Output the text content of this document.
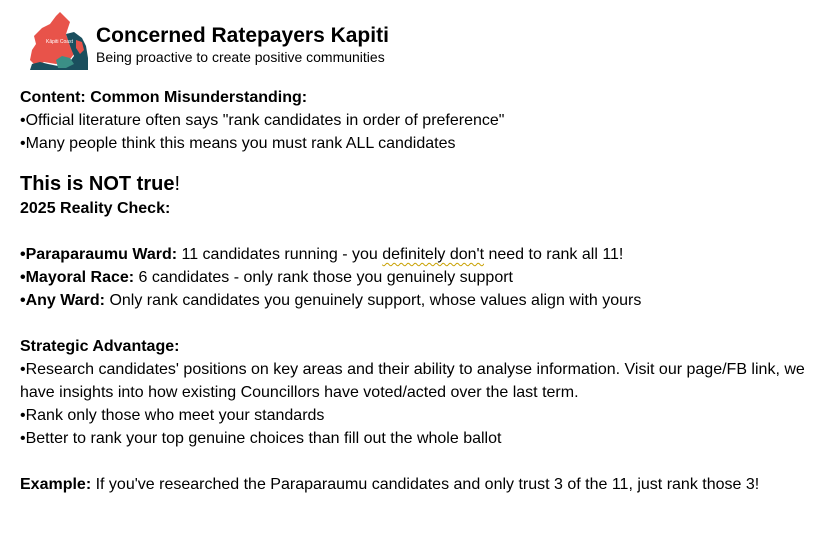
Kāpiti Coast Concerned Ratepayers Kapiti
Being proactive to create positive communities
Content: Common Misunderstanding:
•Official literature often says "rank candidates in order of preference"
•Many people think this means you must rank ALL candidates
This is NOT true!
2025 Reality Check:
•Paraparaumu Ward: 11 candidates running - you definitely don't need to rank all 11!
•Mayoral Race: 6 candidates - only rank those you genuinely support
•Any Ward: Only rank candidates you genuinely support, whose values align with yours
Strategic Advantage:
•Research candidates' positions on key areas and their ability to analyse information. Visit our page/FB link, we have insights into how existing Councillors have voted/acted over the last term.
•Rank only those who meet your standards
•Better to rank your top genuine choices than fill out the whole ballot
Example: If you've researched the Paraparaumu candidates and only trust 3 of the 11, just rank those 3!
